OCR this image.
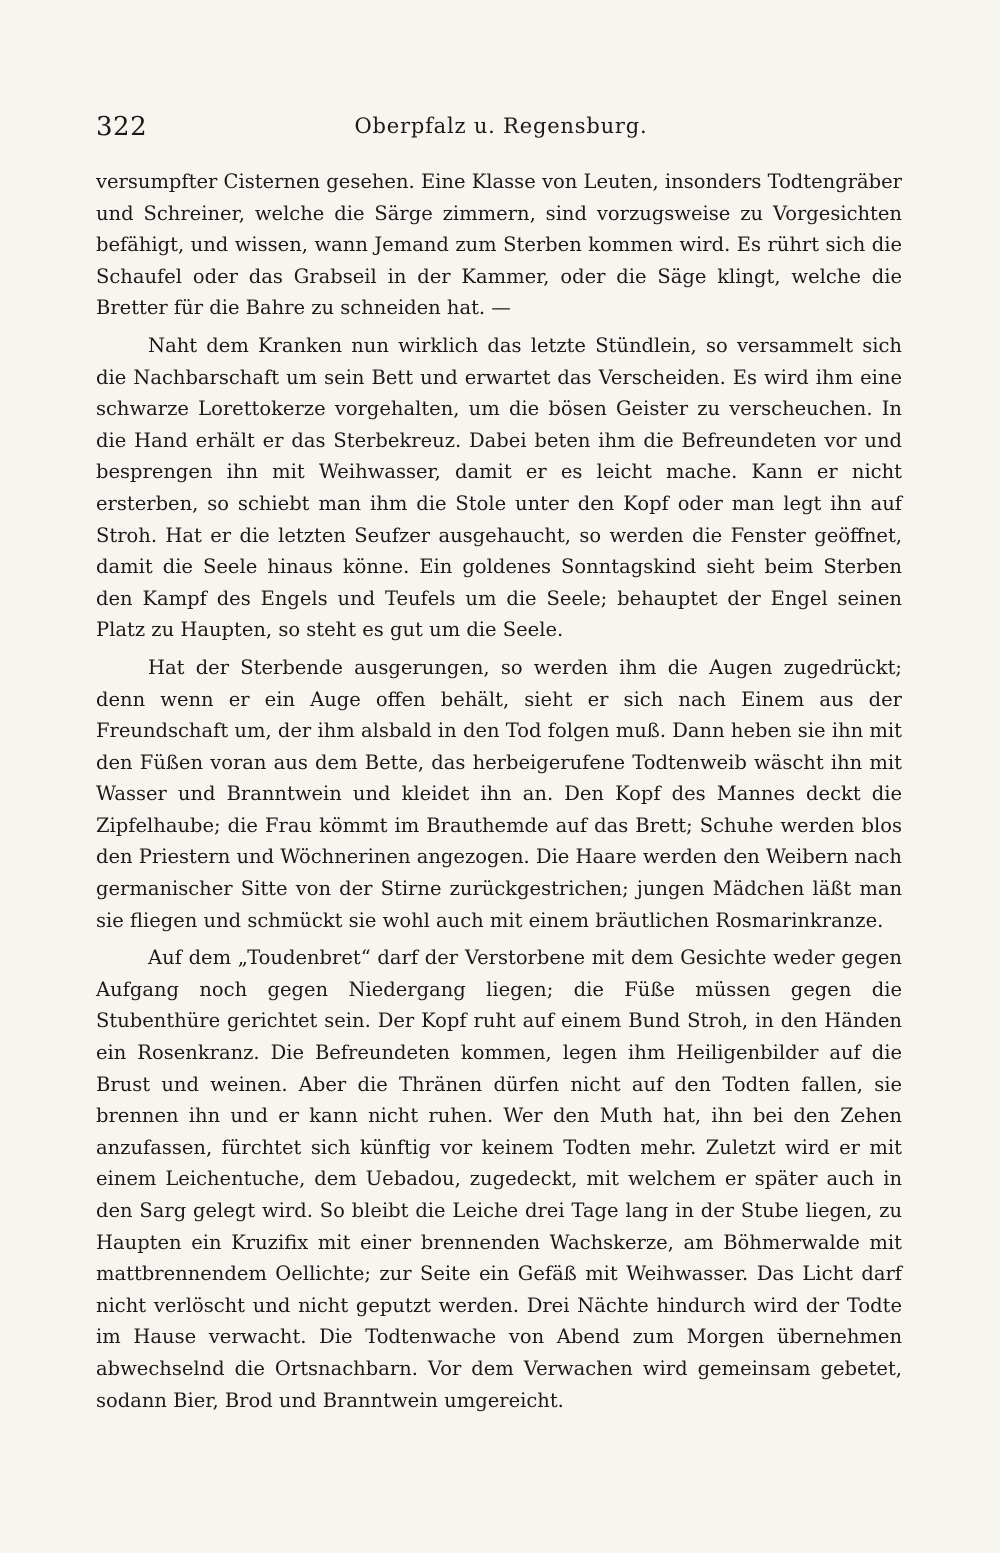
322	Oberpfalz u. Regensburg.

versumpfter Cisternen gesehen. Eine Klasse von Leuten, insonders Todtengräber und Schreiner, welche die Särge zimmern, sind vorzugsweise zu Vorgesichten befähigt, und wissen, wann Jemand zum Sterben kommen wird. Es rührt sich die Schaufel oder das Grabseil in der Kammer, oder die Säge klingt, welche die Bretter für die Bahre zu schneiden hat. —

Naht dem Kranken nun wirklich das letzte Stündlein, so versammelt sich die Nachbarschaft um sein Bett und erwartet das Verscheiden. Es wird ihm eine schwarze Lorettokerze vorgehalten, um die bösen Geister zu verscheuchen. In die Hand erhält er das Sterbekreuz. Dabei beten ihm die Befreundeten vor und besprengen ihn mit Weihwasser, damit er es leicht mache. Kann er nicht ersterben, so schiebt man ihm die Stole unter den Kopf oder man legt ihn auf Stroh. Hat er die letzten Seufzer ausgehaucht, so werden die Fenster geöffnet, damit die Seele hinaus könne. Ein goldenes Sonntagskind sieht beim Sterben den Kampf des Engels und Teufels um die Seele; behauptet der Engel seinen Platz zu Haupten, so steht es gut um die Seele.

Hat der Sterbende ausgerungen, so werden ihm die Augen zugedrückt; denn wenn er ein Auge offen behält, sieht er sich nach Einem aus der Freundschaft um, der ihm alsbald in den Tod folgen muß. Dann heben sie ihn mit den Füßen voran aus dem Bette, das herbeigerufene Todtenweib wäscht ihn mit Wasser und Branntwein und kleidet ihn an. Den Kopf des Mannes deckt die Zipfelhaube; die Frau kömmt im Brauthemde auf das Brett; Schuhe werden blos den Priestern und Wöchnerinen angezogen. Die Haare werden den Weibern nach germanischer Sitte von der Stirne zurückgestrichen; jungen Mädchen läßt man sie fliegen und schmückt sie wohl auch mit einem bräutlichen Rosmarinkranze.

Auf dem „Toudenbret“ darf der Verstorbene mit dem Gesichte weder gegen Aufgang noch gegen Niedergang liegen; die Füße müssen gegen die Stubenthüre gerichtet sein. Der Kopf ruht auf einem Bund Stroh, in den Händen ein Rosenkranz. Die Befreundeten kommen, legen ihm Heiligenbilder auf die Brust und weinen. Aber die Thränen dürfen nicht auf den Todten fallen, sie brennen ihn und er kann nicht ruhen. Wer den Muth hat, ihn bei den Zehen anzufassen, fürchtet sich künftig vor keinem Todten mehr. Zuletzt wird er mit einem Leichentuche, dem Uebadou, zugedeckt, mit welchem er später auch in den Sarg gelegt wird. So bleibt die Leiche drei Tage lang in der Stube liegen, zu Haupten ein Kruzifix mit einer brennenden Wachskerze, am Böhmerwalde mit mattbrennendem Oellichte; zur Seite ein Gefäß mit Weihwasser. Das Licht darf nicht verlöscht und nicht geputzt werden. Drei Nächte hindurch wird der Todte im Hause verwacht. Die Todtenwache von Abend zum Morgen übernehmen abwechselnd die Ortsnachbarn. Vor dem Verwachen wird gemeinsam gebetet, sodann Bier, Brod und Branntwein umgereicht.
